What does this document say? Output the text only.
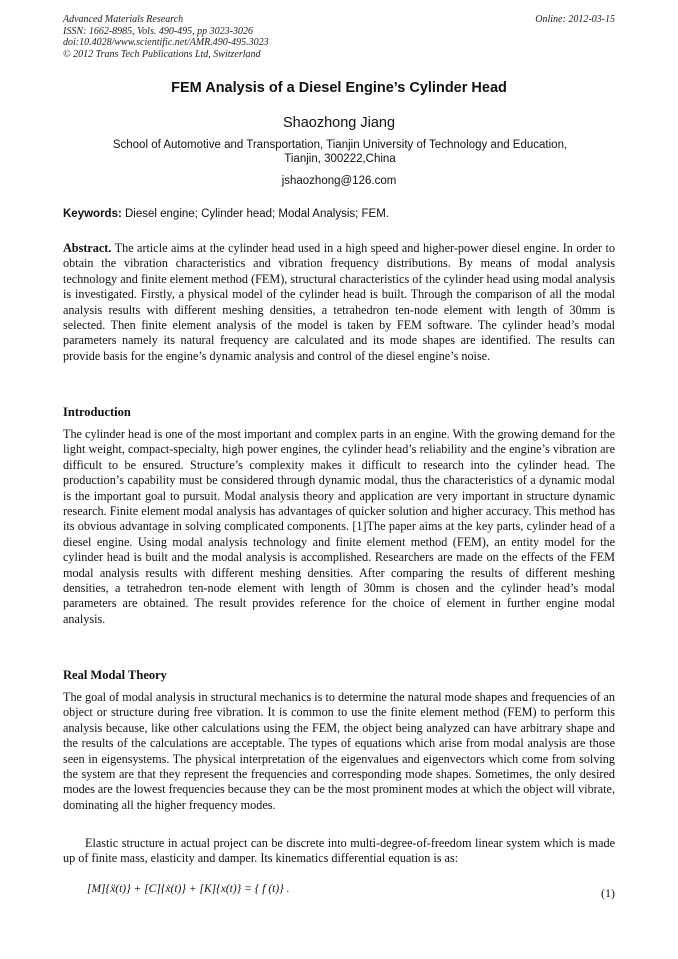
Advanced Materials Research
ISSN: 1662-8985, Vols. 490-495, pp 3023-3026
doi:10.4028/www.scientific.net/AMR.490-495.3023
© 2012 Trans Tech Publications Ltd, Switzerland
Online: 2012-03-15
FEM Analysis of a Diesel Engine’s Cylinder Head
Shaozhong Jiang
School of Automotive and Transportation, Tianjin University of Technology and Education,
Tianjin, 300222,China
jshaozhong@126.com
Keywords: Diesel engine; Cylinder head; Modal Analysis; FEM.
Abstract. The article aims at the cylinder head used in a high speed and higher-power diesel engine. In order to obtain the vibration characteristics and vibration frequency distributions. By means of modal analysis technology and finite element method (FEM), structural characteristics of the cylinder head using modal analysis is investigated. Firstly, a physical model of the cylinder head is built. Through the comparison of all the modal analysis results with different meshing densities, a tetrahedron ten-node element with length of 30mm is selected. Then finite element analysis of the model is taken by FEM software. The cylinder head’s modal parameters namely its natural frequency are calculated and its mode shapes are identified. The results can provide basis for the engine’s dynamic analysis and control of the diesel engine’s noise.
Introduction
The cylinder head is one of the most important and complex parts in an engine. With the growing demand for the light weight, compact-specialty, high power engines, the cylinder head’s reliability and the engine’s vibration are difficult to be ensured. Structure’s complexity makes it difficult to research into the cylinder head. The production’s capability must be considered through dynamic modal, thus the characteristics of a dynamic modal is the important goal to pursuit. Modal analysis theory and application are very important in structure dynamic research. Finite element modal analysis has advantages of quicker solution and higher accuracy. This method has its obvious advantage in solving complicated components. [1]The paper aims at the key parts, cylinder head of a diesel engine. Using modal analysis technology and finite element method (FEM), an entity model for the cylinder head is built and the modal analysis is accomplished. Researchers are made on the effects of the FEM modal analysis results with different meshing densities. After comparing the results of different meshing densities, a tetrahedron ten-node element with length of 30mm is chosen and the cylinder head’s modal parameters are obtained. The result provides reference for the choice of element in further engine modal analysis.
Real Modal Theory
The goal of modal analysis in structural mechanics is to determine the natural mode shapes and frequencies of an object or structure during free vibration. It is common to use the finite element method (FEM) to perform this analysis because, like other calculations using the FEM, the object being analyzed can have arbitrary shape and the results of the calculations are acceptable. The types of equations which arise from modal analysis are those seen in eigensystems. The physical interpretation of the eigenvalues and eigenvectors which come from solving the system are that they represent the frequencies and corresponding mode shapes. Sometimes, the only desired modes are the lowest frequencies because they can be the most prominent modes at which the object will vibrate, dominating all the higher frequency modes.
Elastic structure in actual project can be discrete into multi-degree-of-freedom linear system which is made up of finite mass, elasticity and damper. Its kinematics differential equation is as:
[M]{ẍ(t)} + [C]{ẋ(t)} + [K]{x(t)} = { f (t)} .	(1)
